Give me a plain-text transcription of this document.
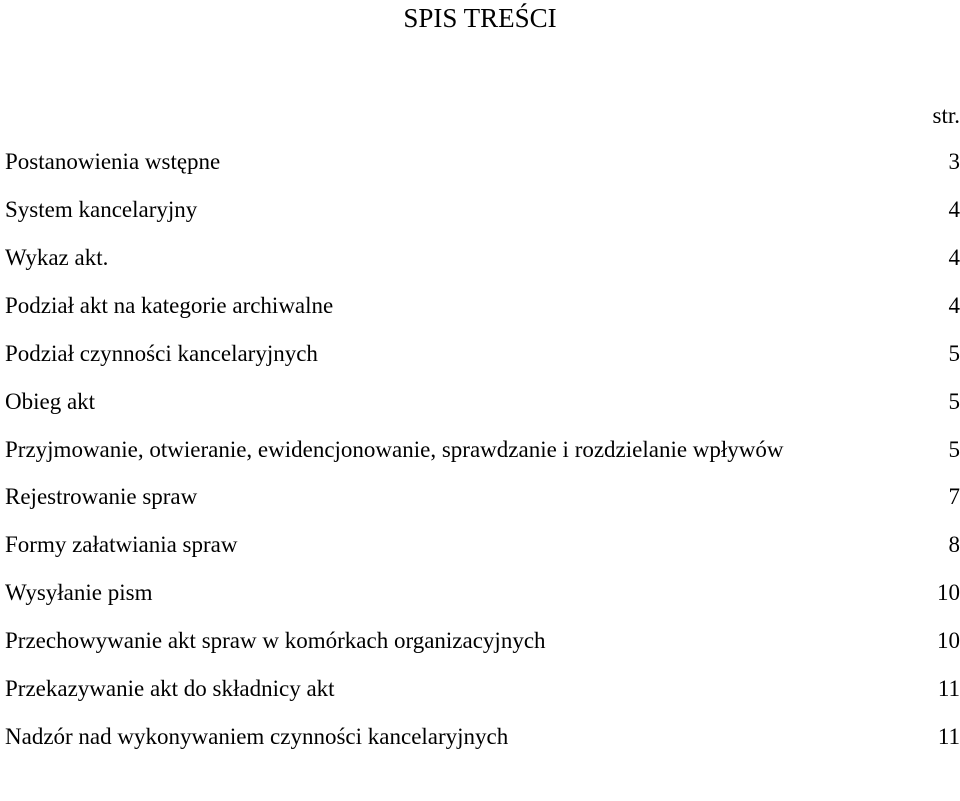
SPIS TREŚCI
str.
Postanowienia wstępne	3
System kancelaryjny	4
Wykaz akt.	4
Podział akt na kategorie archiwalne	4
Podział czynności kancelaryjnych	5
Obieg akt	5
Przyjmowanie, otwieranie, ewidencjonowanie, sprawdzanie i rozdzielanie wpływów	5
Rejestrowanie spraw	7
Formy załatwiania spraw	8
Wysyłanie pism	10
Przechowywanie akt spraw w komórkach organizacyjnych	10
Przekazywanie akt do składnicy akt	11
Nadzór nad wykonywaniem czynności kancelaryjnych	11
